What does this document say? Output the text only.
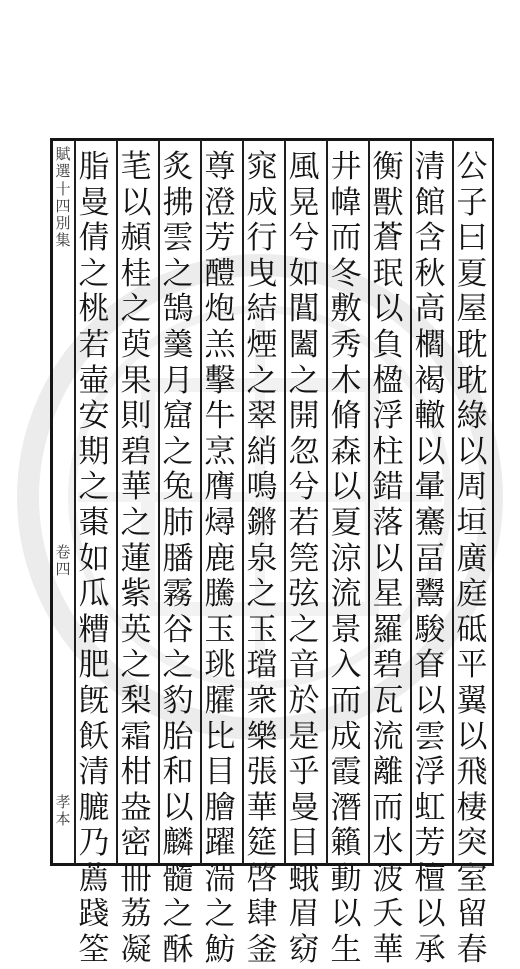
賦選十四別集
卷四
孝本
公子曰夏屋耽耽綠以周垣廣庭砥平翼以飛棲突室留春
清館含秋高櫩褐轍以暈騫畐鬻駿眘以雲浮虹芳檀以承
衡獸蒼珉以負楹浮柱錯落以星羅碧瓦流離而水波夭華
井幃而冬敷秀木脩森以夏涼流景入而成霞潛籟動以生
風晃兮如閶闔之開忽兮若筦弦之音於是乎曼目蛾眉窈
窕成行曳結煙之翠綃鳴鏘泉之玉璫衆樂張華筵啓肆釜
尊澄芳醴炮羔擊牛烹膺燖鹿騰玉珧臛比目膾躍湍之魴
炙拂雲之鵠羹月窟之兔肺膰霧谷之豹胎和以麟髓之酥
芼以頳桂之萸果則碧華之蓮紫英之梨霜柑盎密冊荔凝
脂曼倩之桃若壷安期之棗如瓜糟肥旣飫清膔乃薦踐筌
